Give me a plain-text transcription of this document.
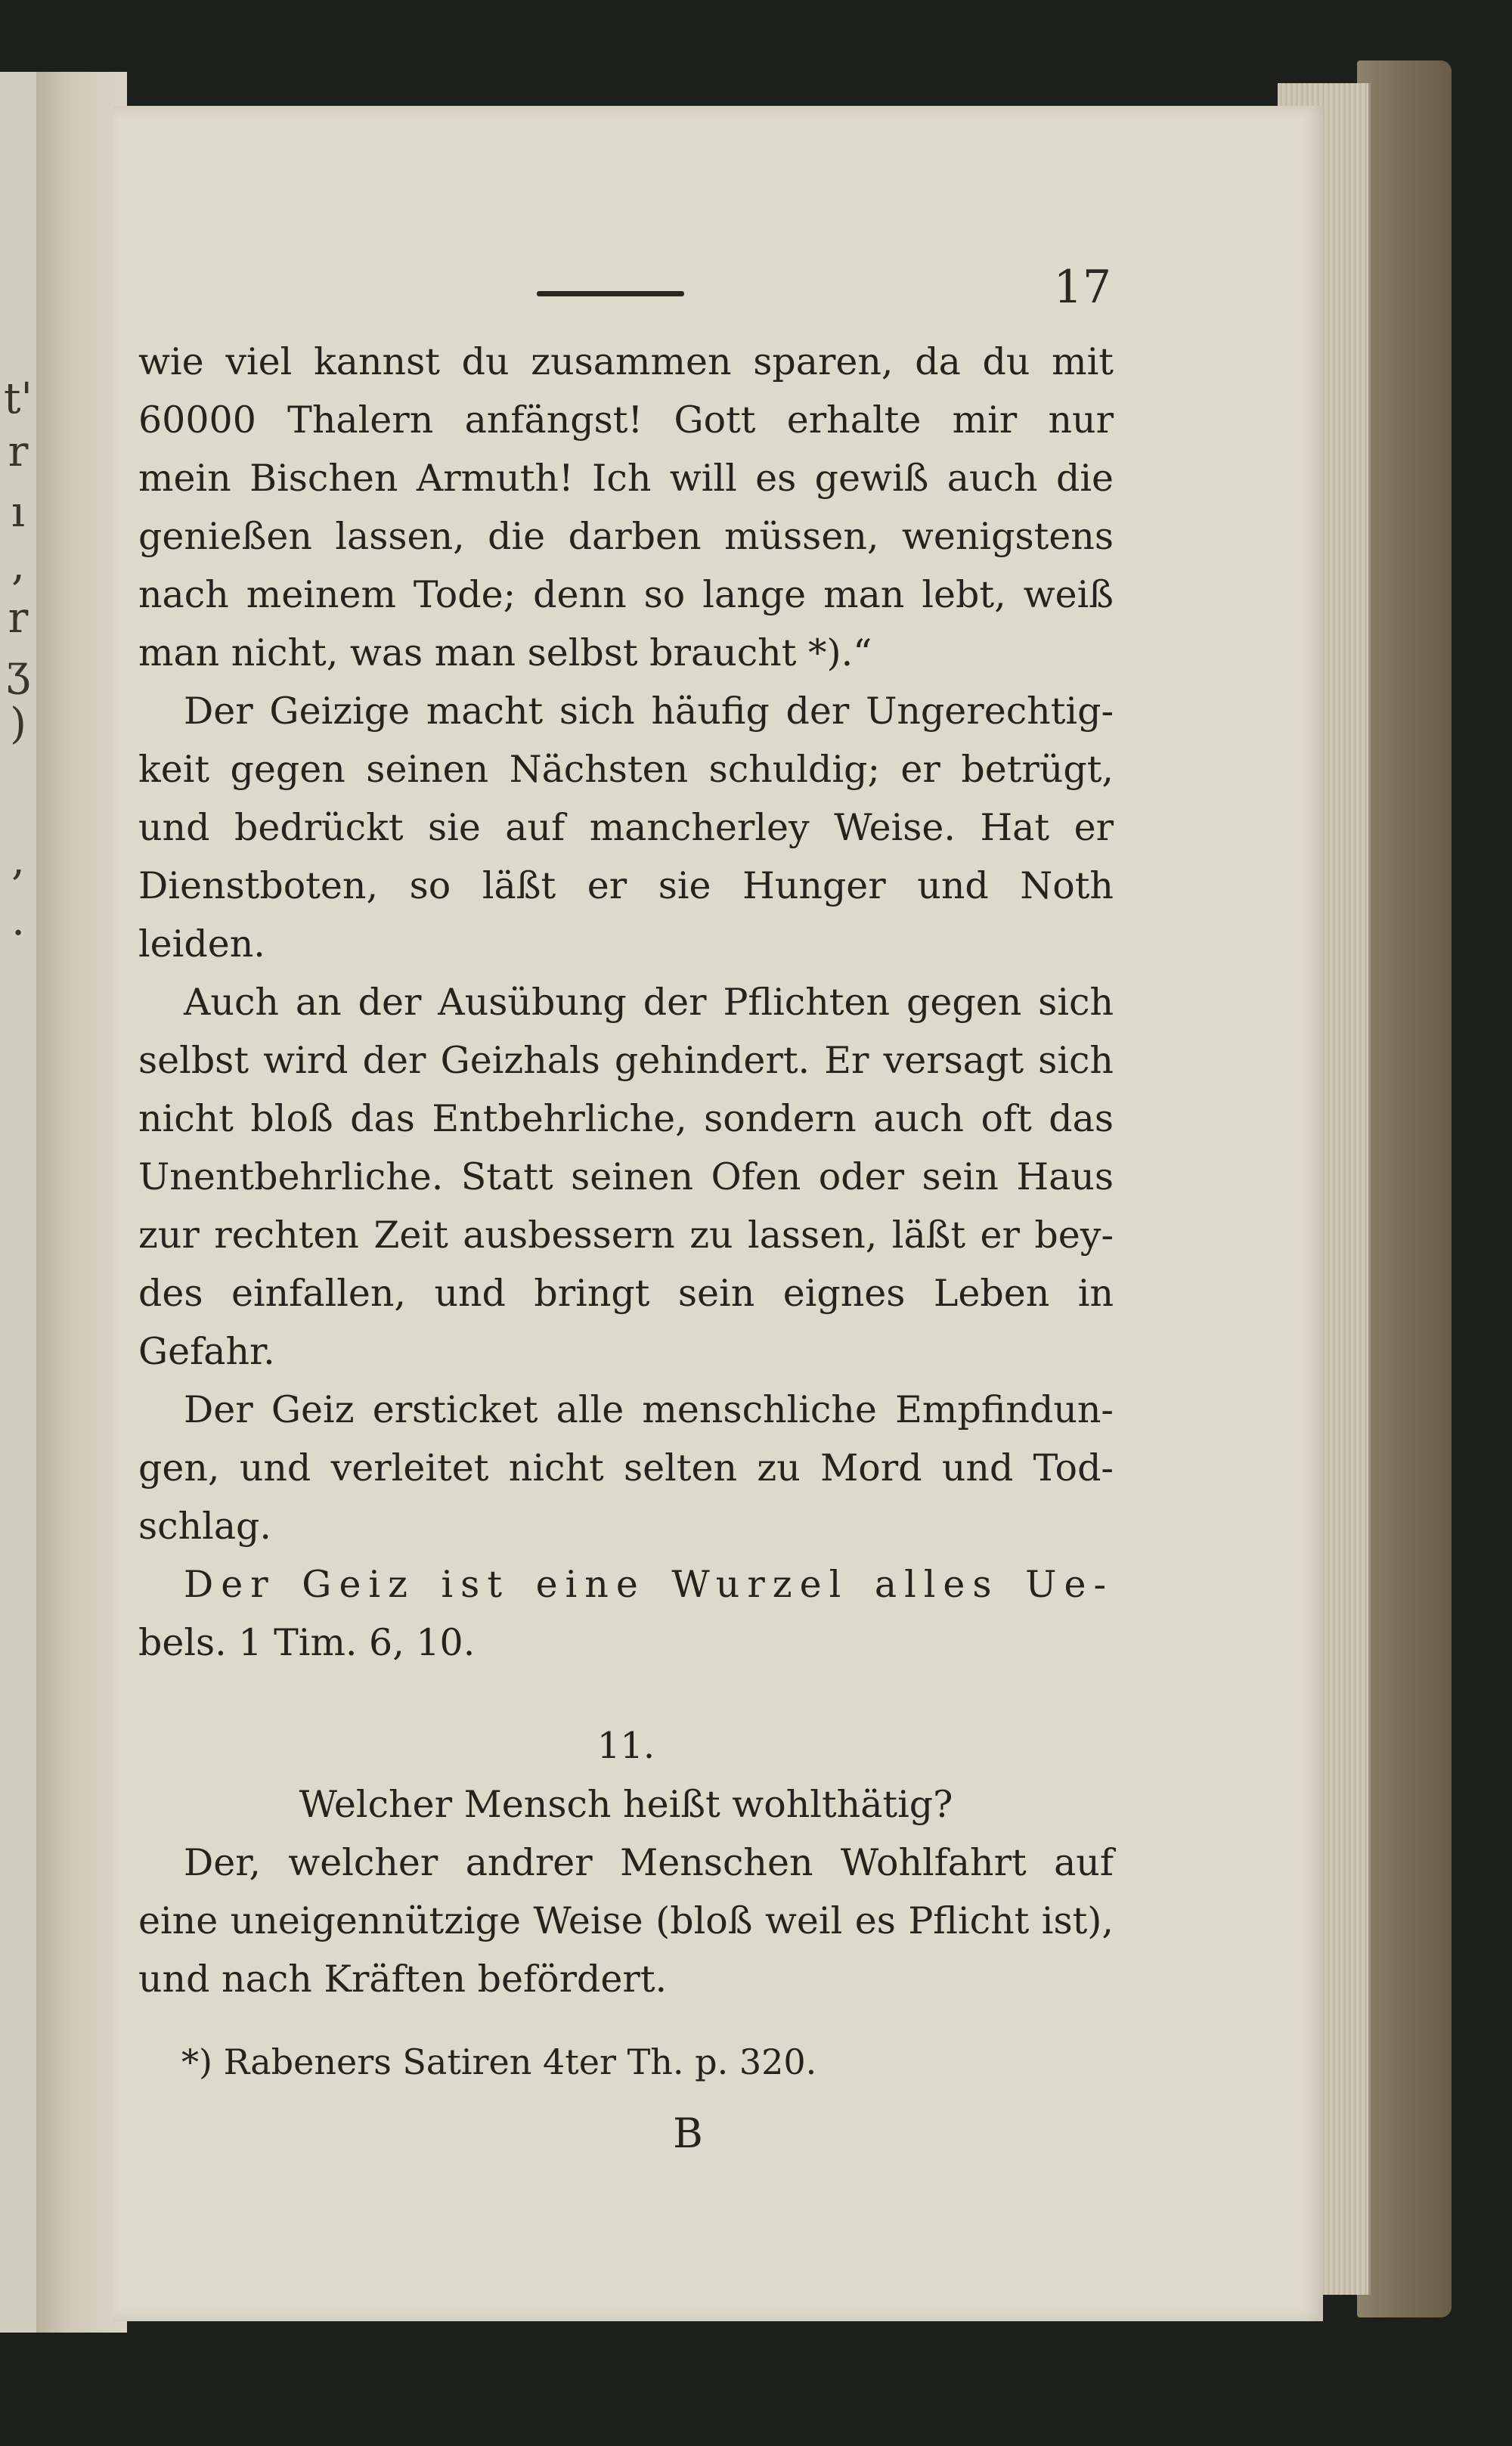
t'
r
ı
,
r
ʒ
)
,
.
17
wie viel kannst du zusammen sparen, da du mit
60000 Thalern anfängst! Gott erhalte mir nur
mein Bischen Armuth! Ich will es gewiß auch die
genießen lassen, die darben müssen, wenigstens
nach meinem Tode; denn so lange man lebt, weiß
man nicht, was man selbst braucht *).“
Der Geizige macht sich häufig der Ungerechtig-
keit gegen seinen Nächsten schuldig; er betrügt,
und bedrückt sie auf mancherley Weise. Hat er
Dienstboten, so läßt er sie Hunger und Noth
leiden.
Auch an der Ausübung der Pflichten gegen sich
selbst wird der Geizhals gehindert. Er versagt sich
nicht bloß das Entbehrliche, sondern auch oft das
Unentbehrliche. Statt seinen Ofen oder sein Haus
zur rechten Zeit ausbessern zu lassen, läßt er bey-
des einfallen, und bringt sein eignes Leben in
Gefahr.
Der Geiz ersticket alle menschliche Empfindun-
gen, und verleitet nicht selten zu Mord und Tod-
schlag.
Der Geiz ist eine Wurzel alles Ue-
bels. 1 Tim. 6, 10.
11.
Welcher Mensch heißt wohlthätig?
Der, welcher andrer Menschen Wohlfahrt auf
eine uneigennützige Weise (bloß weil es Pflicht ist),
und nach Kräften befördert.
*) Rabeners Satiren 4ter Th. p. 320.
B
